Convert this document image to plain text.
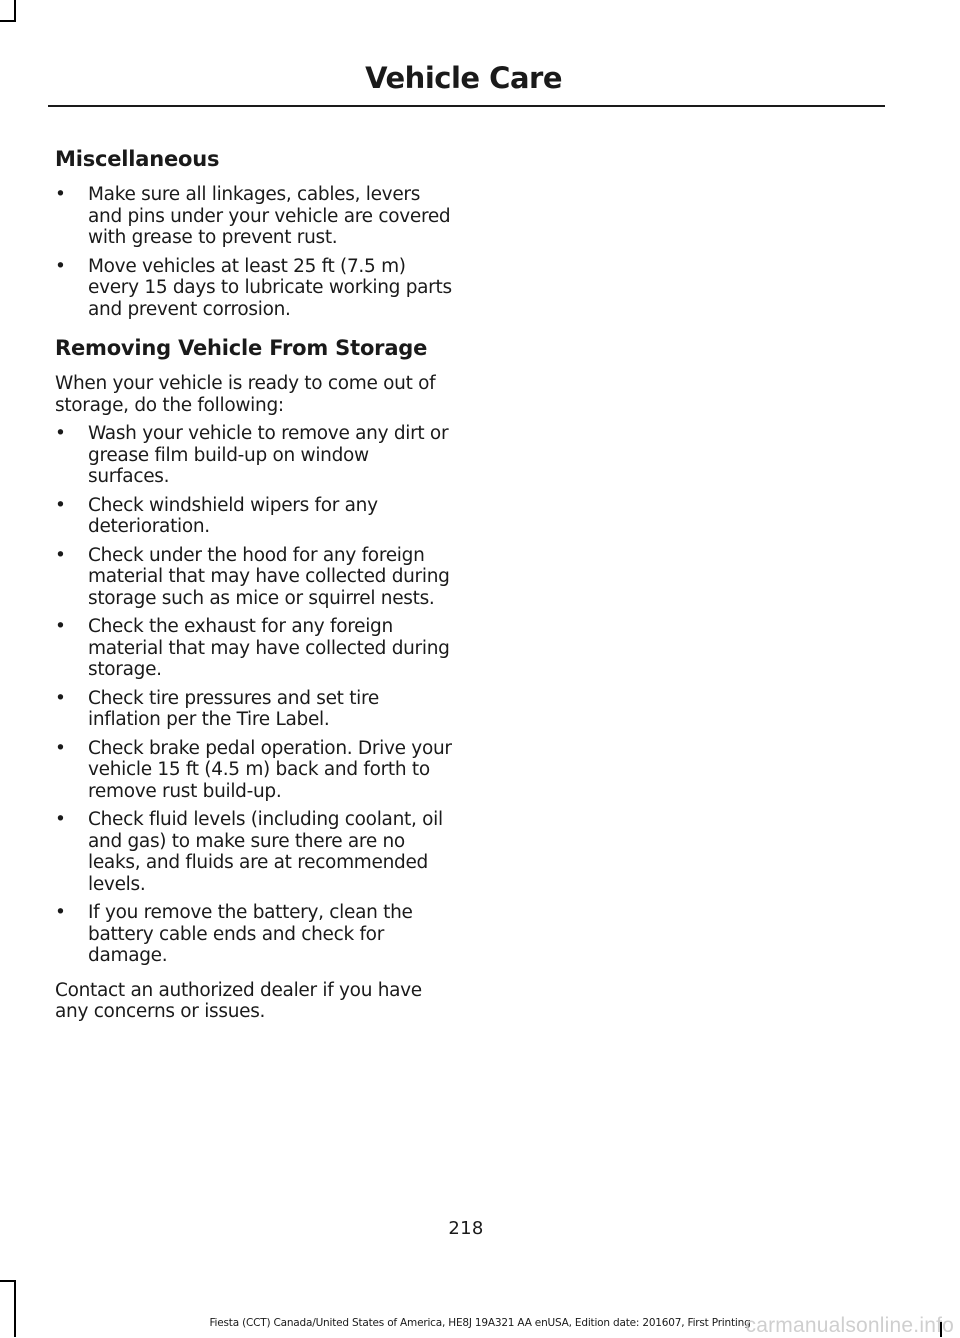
Vehicle Care
Miscellaneous
•	Make sure all linkages, cables, levers and pins under your vehicle are covered with grease to prevent rust.
•	Move vehicles at least 25 ft (7.5 m) every 15 days to lubricate working parts and prevent corrosion.
Removing Vehicle From Storage

When your vehicle is ready to come out of storage, do the following:

•	Wash your vehicle to remove any dirt or grease film build-up on window surfaces.
•	Check windshield wipers for any deterioration.
•	Check under the hood for any foreign material that may have collected during storage such as mice or squirrel nests.
•	Check the exhaust for any foreign material that may have collected during storage.
•	Check tire pressures and set tire inflation per the Tire Label.
•	Check brake pedal operation. Drive your vehicle 15 ft (4.5 m) back and forth to remove rust build-up.
•	Check fluid levels (including coolant, oil and gas) to make sure there are no leaks, and fluids are at recommended levels.
•	If you remove the battery, clean the battery cable ends and check for damage.

Contact an authorized dealer if you have any concerns or issues.

218
Fiesta (CCT) Canada/United States of America, HE8J 19A321 AA enUSA, Edition date: 201607, First Printing
carmanualsonline.info
